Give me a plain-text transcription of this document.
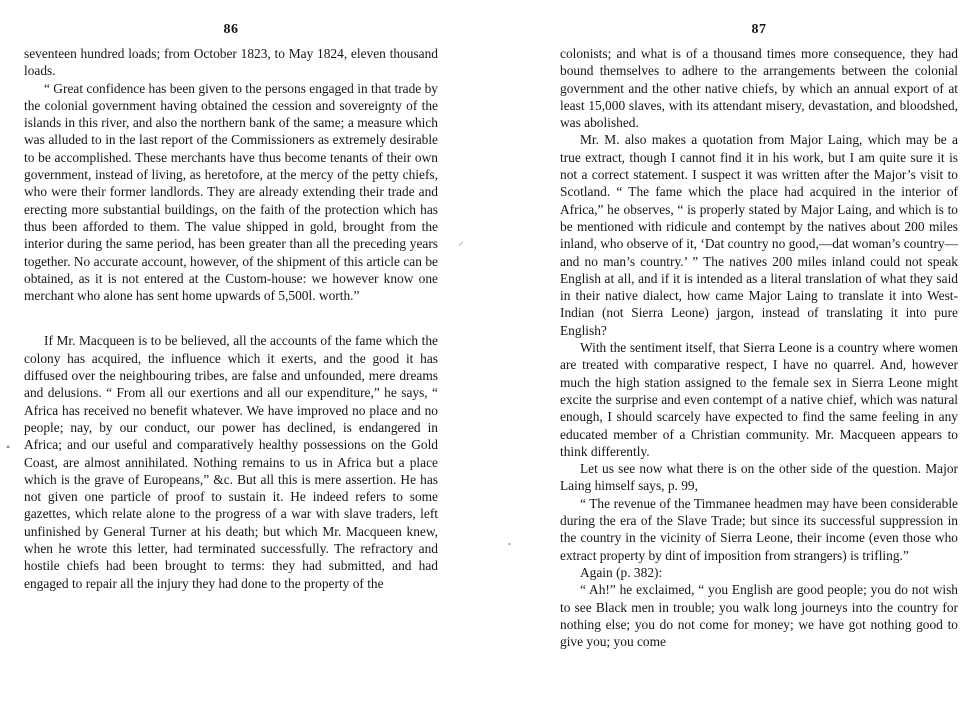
86

seventeen hundred loads; from October 1823, to May 1824, eleven thousand loads.

“ Great confidence has been given to the persons engaged in that trade by the colonial government having obtained the cession and sovereignty of the islands in this river, and also the northern bank of the same; a measure which was alluded to in the last report of the Commissioners as extremely desirable to be accomplished. These merchants have thus become tenants of their own government, instead of living, as heretofore, at the mercy of the petty chiefs, who were their former landlords. They are already extending their trade and erecting more substantial buildings, on the faith of the protection which has thus been afforded to them. The value shipped in gold, brought from the interior during the same period, has been greater than all the preceding years together. No accurate account, however, of the shipment of this article can be obtained, as it is not entered at the Custom-house: we however know one merchant who alone has sent home upwards of 5,500l. worth.”

If Mr. Macqueen is to be believed, all the accounts of the fame which the colony has acquired, the influence which it exerts, and the good it has diffused over the neighbouring tribes, are false and unfounded, mere dreams and delusions. “ From all our exertions and all our expenditure,” he says, “ Africa has received no benefit whatever. We have improved no place and no people; nay, by our conduct, our power has declined, is endangered in Africa; and our useful and comparatively healthy possessions on the Gold Coast, are almost annihilated. Nothing remains to us in Africa but a place which is the grave of Europeans,” &c. But all this is mere assertion. He has not given one particle of proof to sustain it. He indeed refers to some gazettes, which relate alone to the progress of a war with slave traders, left unfinished by General Turner at his death; but which Mr. Macqueen knew, when he wrote this letter, had terminated successfully. The refractory and hostile chiefs had been brought to terms: they had submitted, and had engaged to repair all the injury they had done to the property of the

87

colonists; and what is of a thousand times more consequence, they had bound themselves to adhere to the arrangements between the colonial government and the other native chiefs, by which an annual export of at least 15,000 slaves, with its attendant misery, devastation, and bloodshed, was abolished.

Mr. M. also makes a quotation from Major Laing, which may be a true extract, though I cannot find it in his work, but I am quite sure it is not a correct statement. I suspect it was written after the Major’s visit to Scotland. “ The fame which the place had acquired in the interior of Africa,” he observes, “ is properly stated by Major Laing, and which is to be mentioned with ridicule and contempt by the natives about 200 miles inland, who observe of it, ‘Dat country no good,—dat woman’s country—and no man’s country.’ ” The natives 200 miles inland could not speak English at all, and if it is intended as a literal translation of what they said in their native dialect, how came Major Laing to translate it into West-Indian (not Sierra Leone) jargon, instead of translating it into pure English?

With the sentiment itself, that Sierra Leone is a country where women are treated with comparative respect, I have no quarrel. And, however much the high station assigned to the female sex in Sierra Leone might excite the surprise and even contempt of a native chief, which was natural enough, I should scarcely have expected to find the same feeling in any educated member of a Christian community. Mr. Macqueen appears to think differently.

Let us see now what there is on the other side of the question. Major Laing himself says, p. 99,

“ The revenue of the Timmanee headmen may have been considerable during the era of the Slave Trade; but since its successful suppression in the country in the vicinity of Sierra Leone, their income (even those who extract property by dint of imposition from strangers) is trifling.”

Again (p. 382):

“ Ah!” he exclaimed, “ you English are good people; you do not wish to see Black men in trouble; you walk long journeys into the country for nothing else; you do not come for money; we have got nothing good to give you; you come

⸝
•
•
